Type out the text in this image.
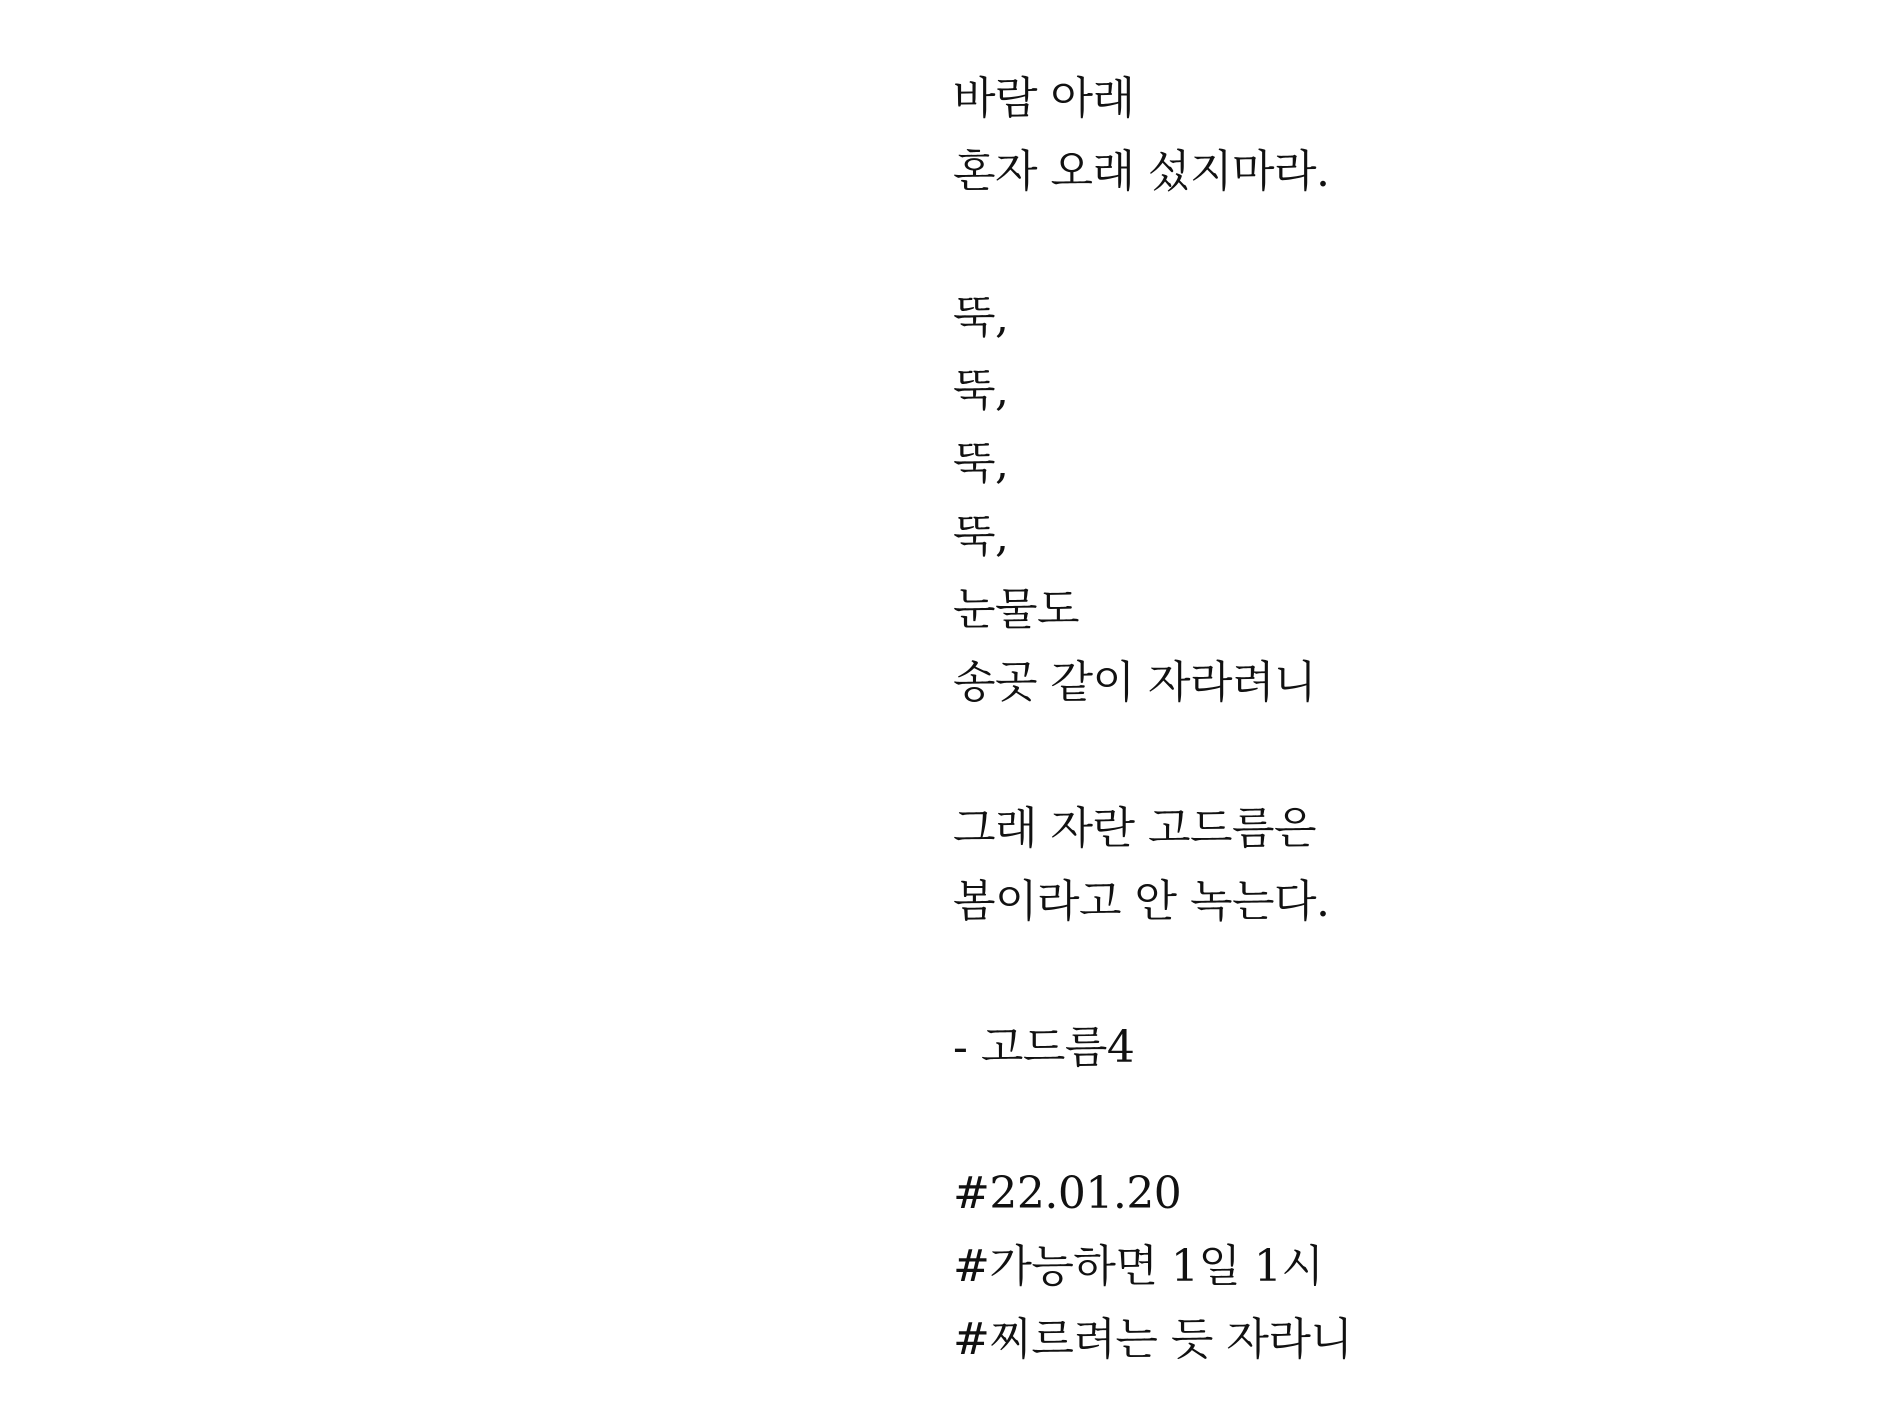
바람 아래
혼자 오래 섰지마라.
뚝,
뚝,
뚝,
뚝,
눈물도
송곳 같이 자라려니
그래 자란 고드름은
봄이라고 안 녹는다.
- 고드름4
#22.01.20
#가능하면 1일 1시
#찌르려는 듯 자라니
